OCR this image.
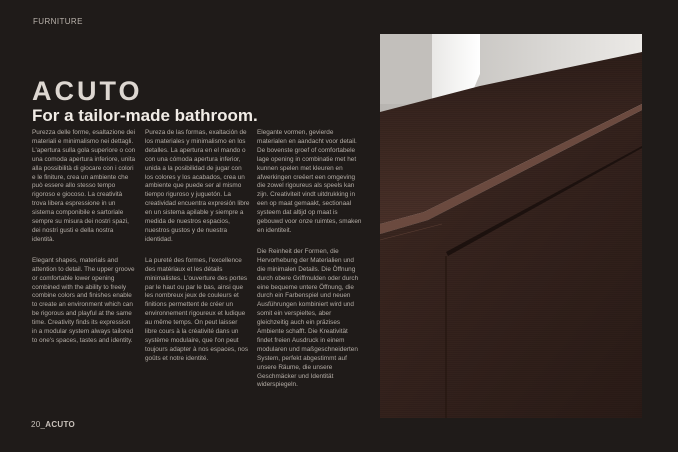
FURNITURE
ACUTO
For a tailor-made bathroom.

Purezza delle forme, esaltazione dei materiali e minimalismo nei dettagli. L'apertura sulla gola superiore o con una comoda apertura inferiore, unita alla possibilità di giocare con i colori e le finiture, crea un ambiente che può essere allo stesso tempo rigoroso e giocoso. La creatività trova libera espressione in un sistema componibile e sartoriale sempre su misura dei nostri spazi, dei nostri gusti e della nostra identità.

Elegant shapes, materials and attention to detail. The upper groove or comfortable lower opening combined with the ability to freely combine colors and finishes enable to create an environment which can be rigorous and playful at the same time. Creativity finds its expression in a modular system always tailored to one's spaces, tastes and identity.

Pureza de las formas, exaltación de los materiales y minimalismo en los detalles. La apertura en el mando o con una cómoda apertura inferior, unida a la posibilidad de jugar con los colores y los acabados, crea un ambiente que puede ser al mismo tiempo riguroso y juguetón. La creatividad encuentra expresión libre en un sistema apilable y siempre a medida de nuestros espacios, nuestros gustos y de nuestra identidad.

La pureté des formes, l'excellence des matériaux et les détails minimalistes. L'ouverture des portes par le haut ou par le bas, ainsi que les nombreux jeux de couleurs et finitions permettent de créer un environnement rigoureux et ludique au même temps. On peut laisser libre cours à la créativité dans un système modulaire, que l'on peut toujours adapter à nos espaces, nos goûts et notre identité.

Elegante vormen, gevierde materialen en aandacht voor detail. De bovenste groef of comfortabele lage opening in combinatie met het kunnen spelen met kleuren en afwerkingen creëert een omgeving die zowel rigoureus als speels kan zijn. Creativiteit vindt uitdrukking in een op maat gemaakt, sectionaal systeem dat altijd op maat is gebouwd voor onze ruimtes, smaken en identiteit.

Die Reinheit der Formen, die Hervorhebung der Materialien und die minimalen Details. Die Öffnung durch obere Griffmulden oder durch eine bequeme untere Öffnung, die durch ein Farbenspiel und neuen Ausführungen kombiniert wird und somit ein verspieltes, aber gleichzeitig auch ein präzises Ambiente schafft. Die Kreativität findet freien Ausdruck in einem modularen und maßgeschneiderten System, perfekt abgestimmt auf unsere Räume, die unsere Geschmäcker und Identität widerspiegeln.

20_ACUTO
